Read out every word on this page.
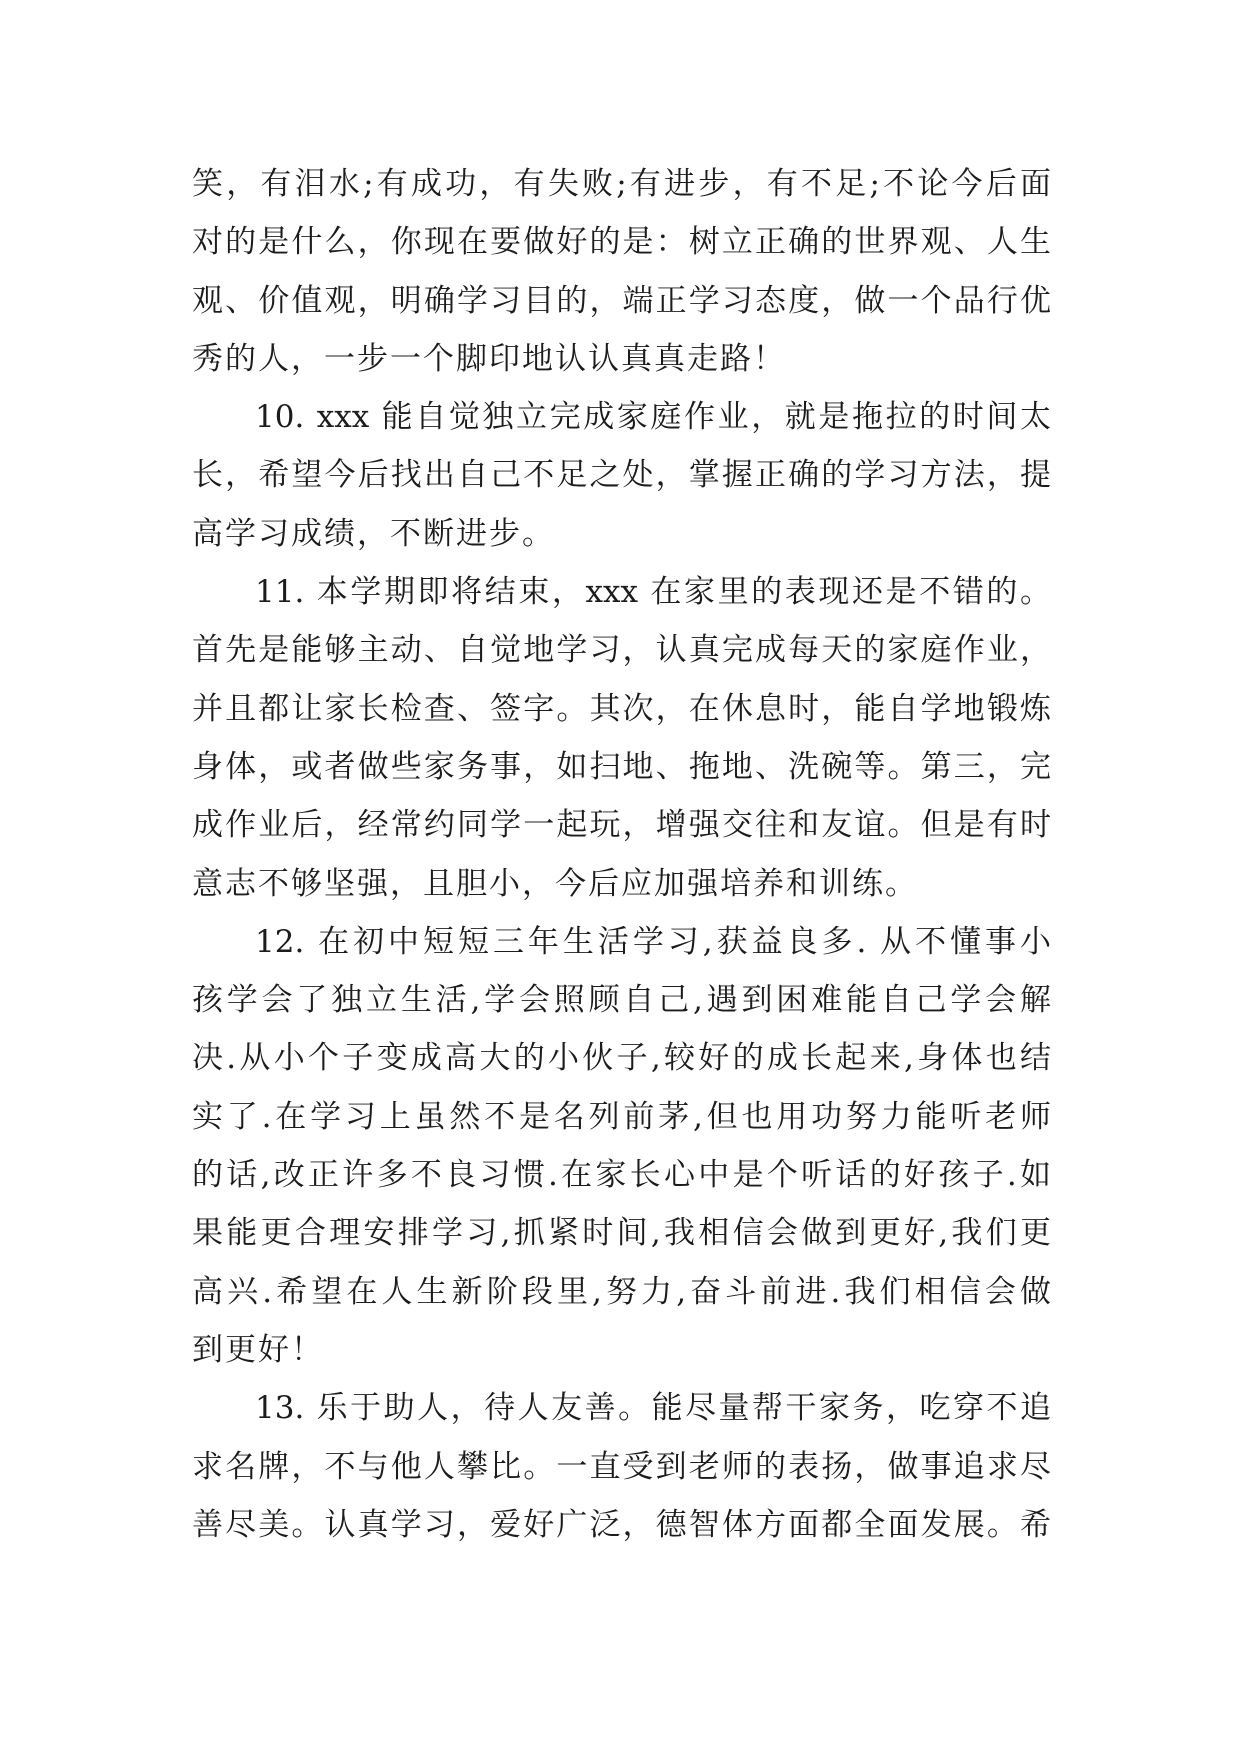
笑，有泪水;有成功，有失败;有进步，有不足;不论今后面
对的是什么，你现在要做好的是：树立正确的世界观、人生
观、价值观，明确学习目的，端正学习态度，做一个品行优
秀的人，一步一个脚印地认认真真走路！
10. xxx 能自觉独立完成家庭作业，就是拖拉的时间太
长，希望今后找出自己不足之处，掌握正确的学习方法，提
高学习成绩，不断进步。
11. 本学期即将结束，xxx 在家里的表现还是不错的。
首先是能够主动、自觉地学习，认真完成每天的家庭作业，
并且都让家长检查、签字。其次，在休息时，能自学地锻炼
身体，或者做些家务事，如扫地、拖地、洗碗等。第三，完
成作业后，经常约同学一起玩，增强交往和友谊。但是有时
意志不够坚强，且胆小，今后应加强培养和训练。
12. 在初中短短三年生活学习,获益良多. 从不懂事小
孩学会了独立生活,学会照顾自己,遇到困难能自己学会解
决.从小个子变成高大的小伙子,较好的成长起来,身体也结
实了.在学习上虽然不是名列前茅,但也用功努力能听老师
的话,改正许多不良习惯.在家长心中是个听话的好孩子.如
果能更合理安排学习,抓紧时间,我相信会做到更好,我们更
高兴.希望在人生新阶段里,努力,奋斗前进.我们相信会做
到更好！
13. 乐于助人，待人友善。能尽量帮干家务，吃穿不追
求名牌，不与他人攀比。一直受到老师的表扬，做事追求尽
善尽美。认真学习，爱好广泛，德智体方面都全面发展。希
